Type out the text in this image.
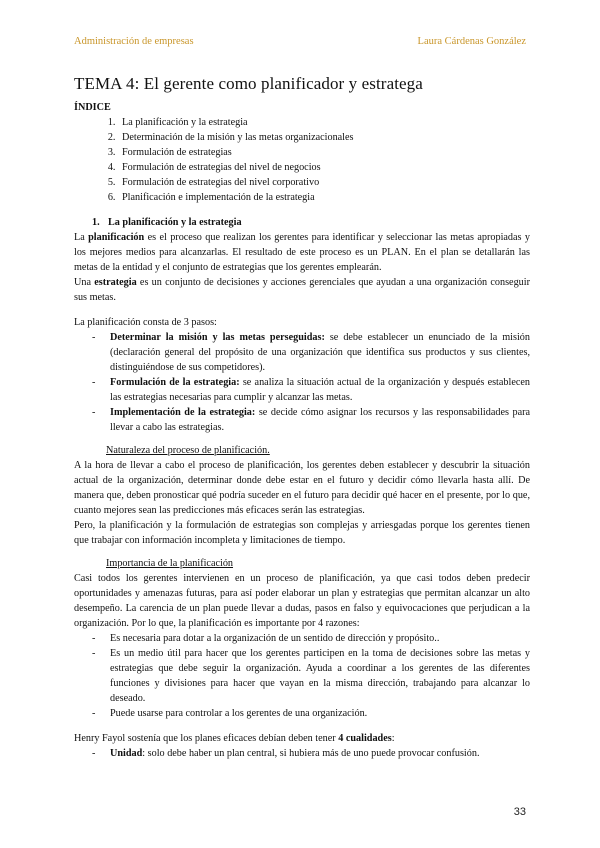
Administración de empresas	Laura Cárdenas González
TEMA 4: El gerente como planificador y estratega
ÍNDICE
1. La planificación y la estrategia
2. Determinación de la misión y las metas organizacionales
3. Formulación de estrategias
4. Formulación de estrategias del nivel de negocios
5. Formulación de estrategias del nivel corporativo
6. Planificación e implementación de la estrategia
1. La planificación y la estrategia

La planificación es el proceso que realizan los gerentes para identificar y seleccionar las metas apropiadas y los mejores medios para alcanzarlas. El resultado de este proceso es un PLAN. En el plan se detallarán las metas de la entidad y el conjunto de estrategias que los gerentes emplearán.

Una estrategia es un conjunto de decisiones y acciones gerenciales que ayudan a una organización conseguir sus metas.

La planificación consta de 3 pasos:

- Determinar la misión y las metas perseguidas: se debe establecer un enunciado de la misión (declaración general del propósito de una organización que identifica sus productos y sus clientes, distinguiéndose de sus competidores).
- Formulación de la estrategia: se analiza la situación actual de la organización y después establecen las estrategias necesarias para cumplir y alcanzar las metas.
- Implementación de la estrategia: se decide cómo asignar los recursos y las responsabilidades para llevar a cabo las estrategias.
Naturaleza del proceso de planificación.

A la hora de llevar a cabo el proceso de planificación, los gerentes deben establecer y descubrir la situación actual de la organización, determinar donde debe estar en el futuro y decidir cómo llevarla hasta allí. De manera que, deben pronosticar qué podría suceder en el futuro para decidir qué hacer en el presente, por lo que, cuanto mejores sean las predicciones más eficaces serán las estrategias.

Pero, la planificación y la formulación de estrategias son complejas y arriesgadas porque los gerentes tienen que trabajar con información incompleta y limitaciones de tiempo.

Importancia de la planificación

Casi todos los gerentes intervienen en un proceso de planificación, ya que casi todos deben predecir oportunidades y amenazas futuras, para así poder elaborar un plan y estrategias que permitan alcanzar un alto desempeño. La carencia de un plan puede llevar a dudas, pasos en falso y equivocaciones que perjudican a la organización. Por lo que, la planificación es importante por 4 razones:

- Es necesaria para dotar a la organización de un sentido de dirección y propósito..
- Es un medio útil para hacer que los gerentes participen en la toma de decisiones sobre las metas y estrategias que debe seguir la organización. Ayuda a coordinar a los gerentes de las diferentes funciones y divisiones para hacer que vayan en la misma dirección, trabajando para alcanzar lo deseado.
- Puede usarse para controlar a los gerentes de una organización.

Henry Fayol sostenía que los planes eficaces debían deben tener 4 cualidades:

- Unidad: solo debe haber un plan central, si hubiera más de uno puede provocar confusión.
33
